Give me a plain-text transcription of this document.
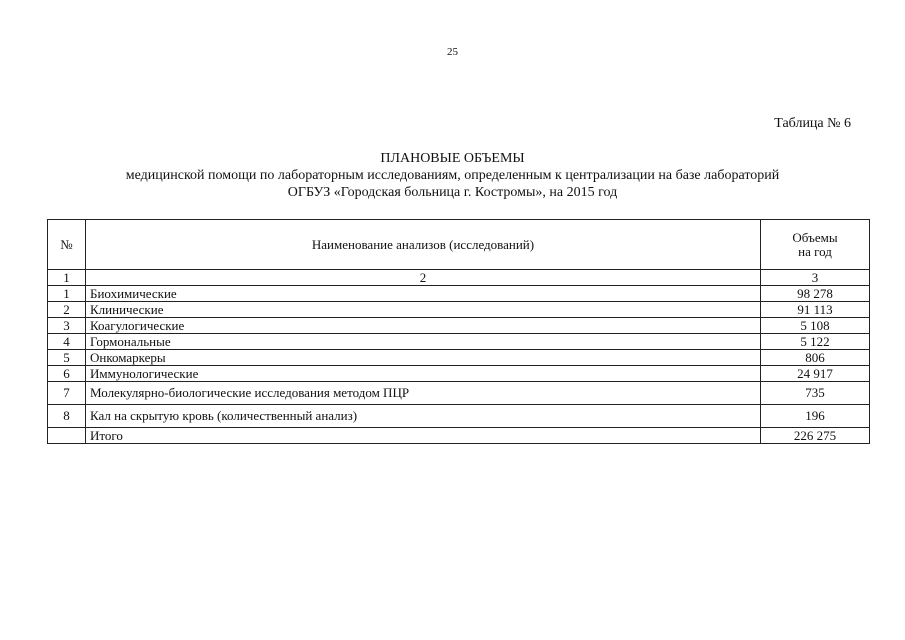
25
Таблица № 6
ПЛАНОВЫЕ ОБЪЕМЫ
медицинской помощи по лабораторным исследованиям, определенным к централизации на базе лабораторий
ОГБУЗ «Городская больница г. Костромы», на 2015 год
№	Наименование анализов (исследований)	Объемы
на год

1	2	3
1	Биохимические	98 278
2	Клинические	91 113
3	Коагулогические	5 108
4	Гормональные	5 122
5	Онкомаркеры	806
6	Иммунологические	24 917
7	Молекулярно-биологические исследования методом ПЦР	735
8	Кал на скрытую кровь (количественный анализ)	196
	Итого	226 275
